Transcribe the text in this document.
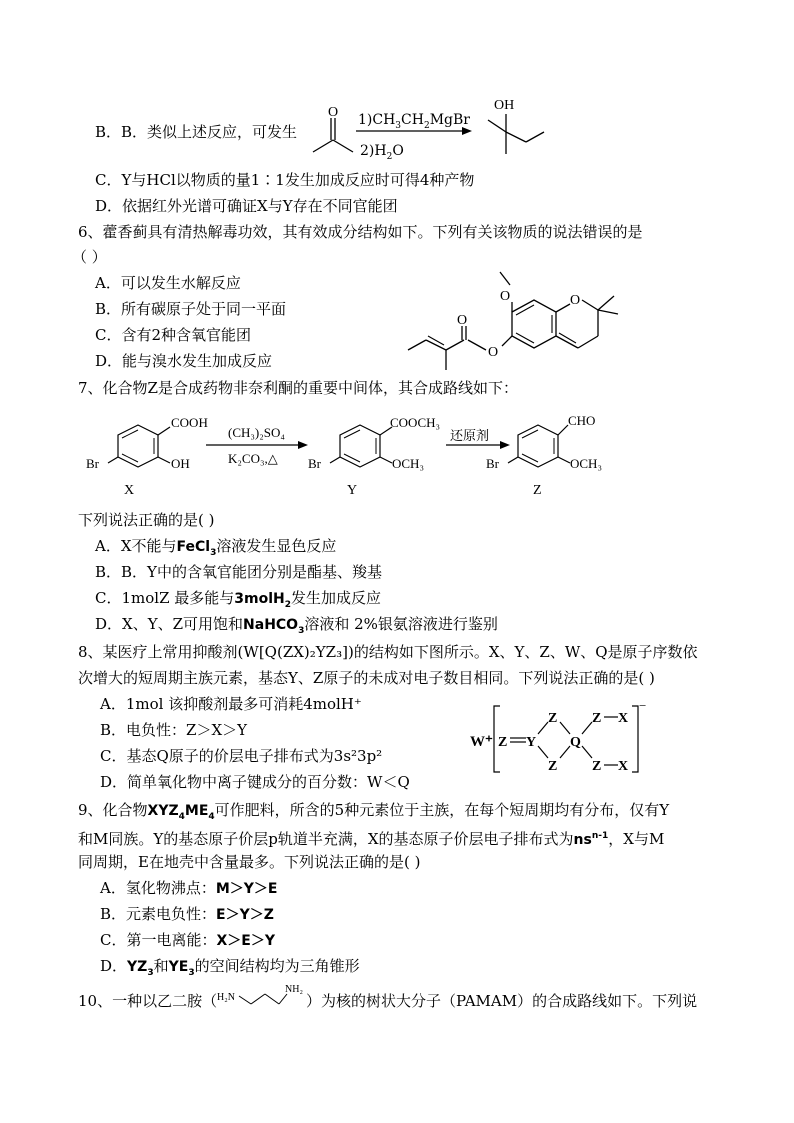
B．B．类似上述反应，可发生
O $1)CH_3CH_2MgBr$
$2)H_2O$
OH
C．Y与HCl以物质的量1∶1发生加成反应时可得4种产物
D．依据红外光谱可确证X与Y存在不同官能团
6、藿香蓟具有清热解毒功效，其有效成分结构如下。下列有关该物质的说法错误的是
（ ）
A．可以发生水解反应
B．所有碳原子处于同一平面
C．含有2种含氧官能团
D．能与溴水发生加成反应
O	O
O
O
7、化合物Z是合成药物非奈利酮的重要中间体，其合成路线如下：
COOH
OH
Br
X
(CH₃)₂SO₄
K₂CO₃,△
COOCH₃
OCH₃
Br
Y
还原剂
CHO
OCH₃
Br
Z
下列说法正确的是( )
A．X不能与FeCl$_3$溶液发生显色反应
B．B．Y中的含氧官能团分别是酯基、羧基
C．1molZ 最多能与3molH$_2$发生加成反应
D．X、Y、Z可用饱和NaHCO$_3$溶液和 2%银氨溶液进行鉴别
8、某医疗上常用抑酸剂(W[Q(ZX)₂YZ₃])的结构如下图所示。X、Y、Z、W、Q是原子序数依
次增大的短周期主族元素，基态Y、Z原子的未成对电子数目相同。下列说法正确的是( )
A．1mol 该抑酸剂最多可消耗4molH⁺
B．电负性：Z＞X＞Y
C．基态Q原子的价层电子排布式为3s²3p²
D．简单氧化物中离子键成分的百分数：W＜Q
W⁺
−
Z Y
Z
Z
Q
Z
Z
X
X
9、化合物$XYZ_4ME_4$可作肥料，所含的5种元素位于主族，在每个短周期均有分布，仅有Y
和M同族。Y的基态原子价层p轨道半充满，X的基态原子价层电子排布式为$ns^{n-1}$，X与M
同周期，E在地壳中含量最多。下列说法正确的是( )
A．氢化物沸点：M＞Y＞E
B．元素电负性：E＞Y＞Z
C．第一电离能：X＞E＞Y
D．$YZ_3$和$YE_3$的空间结构均为三角锥形
10、一种以乙二胺（ H₂N
NH₂
）为核的树状大分子（PAMAM）的合成路线如下。下列说
